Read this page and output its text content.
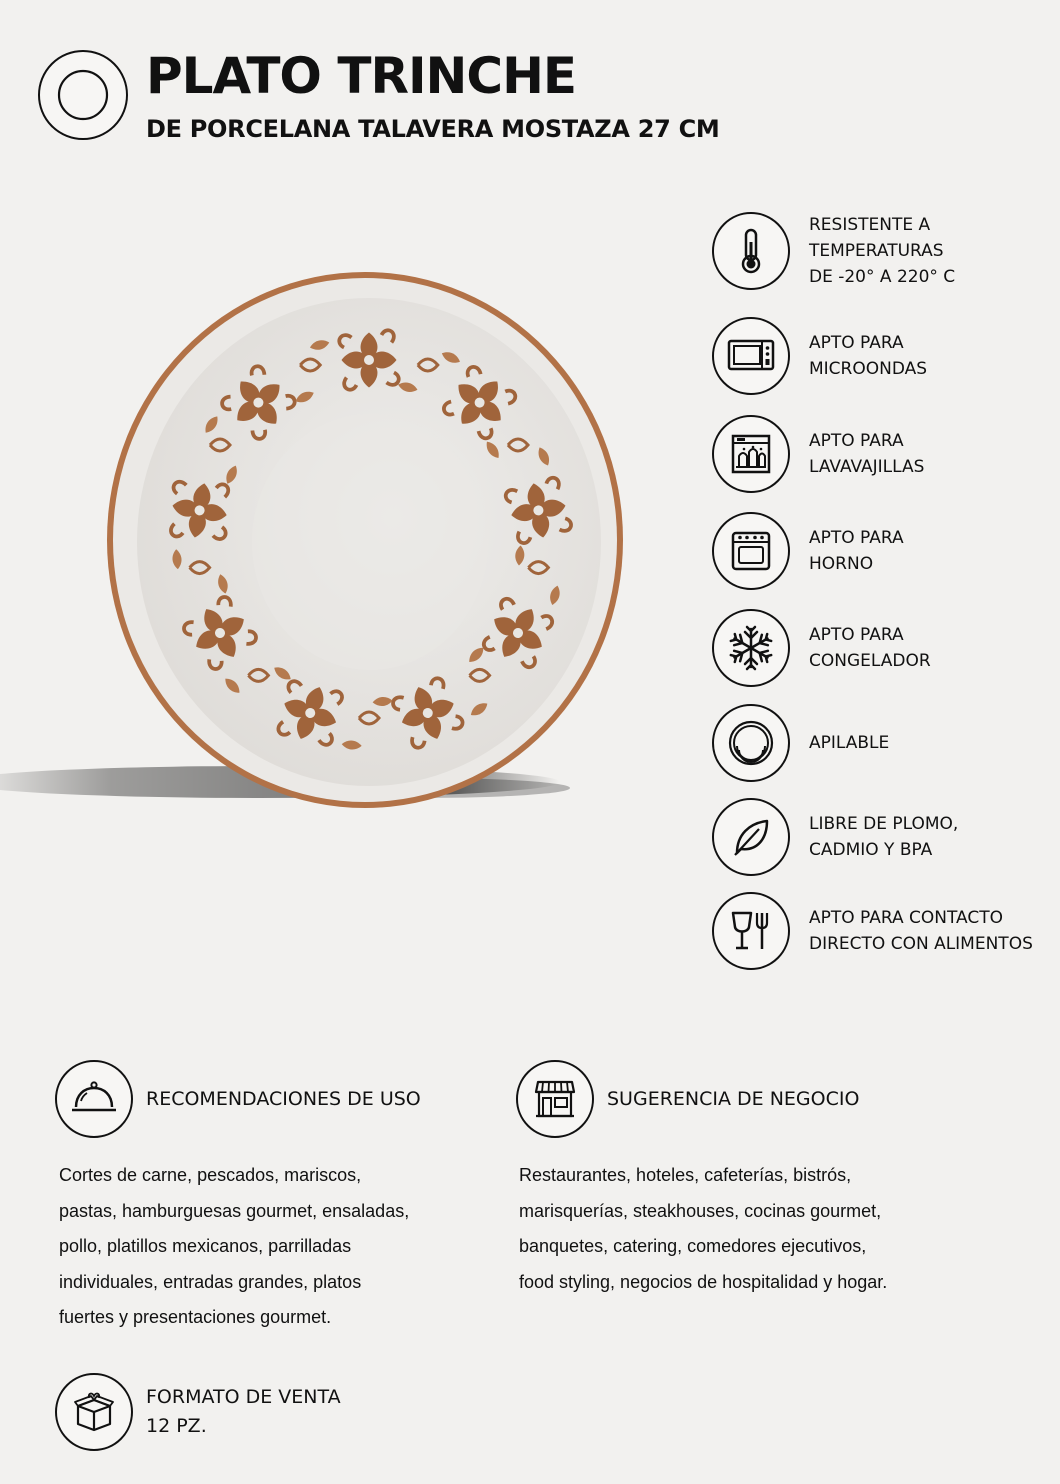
PLATO TRINCHE
DE PORCELANA TALAVERA MOSTAZA 27 CM
RESISTENTE A
TEMPERATURAS
DE -20° A 220° C
APTO PARA
MICROONDAS
APTO PARA
LAVAVAJILLAS
APTO PARA
HORNO
APTO PARA
CONGELADOR
APILABLE
LIBRE DE PLOMO,
CADMIO Y BPA
APTO PARA CONTACTO
DIRECTO CON ALIMENTOS
RECOMENDACIONES DE USO
Cortes de carne, pescados, mariscos,
pastas, hamburguesas gourmet, ensaladas,
pollo, platillos mexicanos, parrilladas
individuales, entradas grandes, platos
fuertes y presentaciones gourmet.
SUGERENCIA DE NEGOCIO
Restaurantes, hoteles, cafeterías, bistrós,
marisquerías, steakhouses, cocinas gourmet,
banquetes, catering, comedores ejecutivos,
food styling, negocios de hospitalidad y hogar.
FORMATO DE VENTA
12 PZ.
